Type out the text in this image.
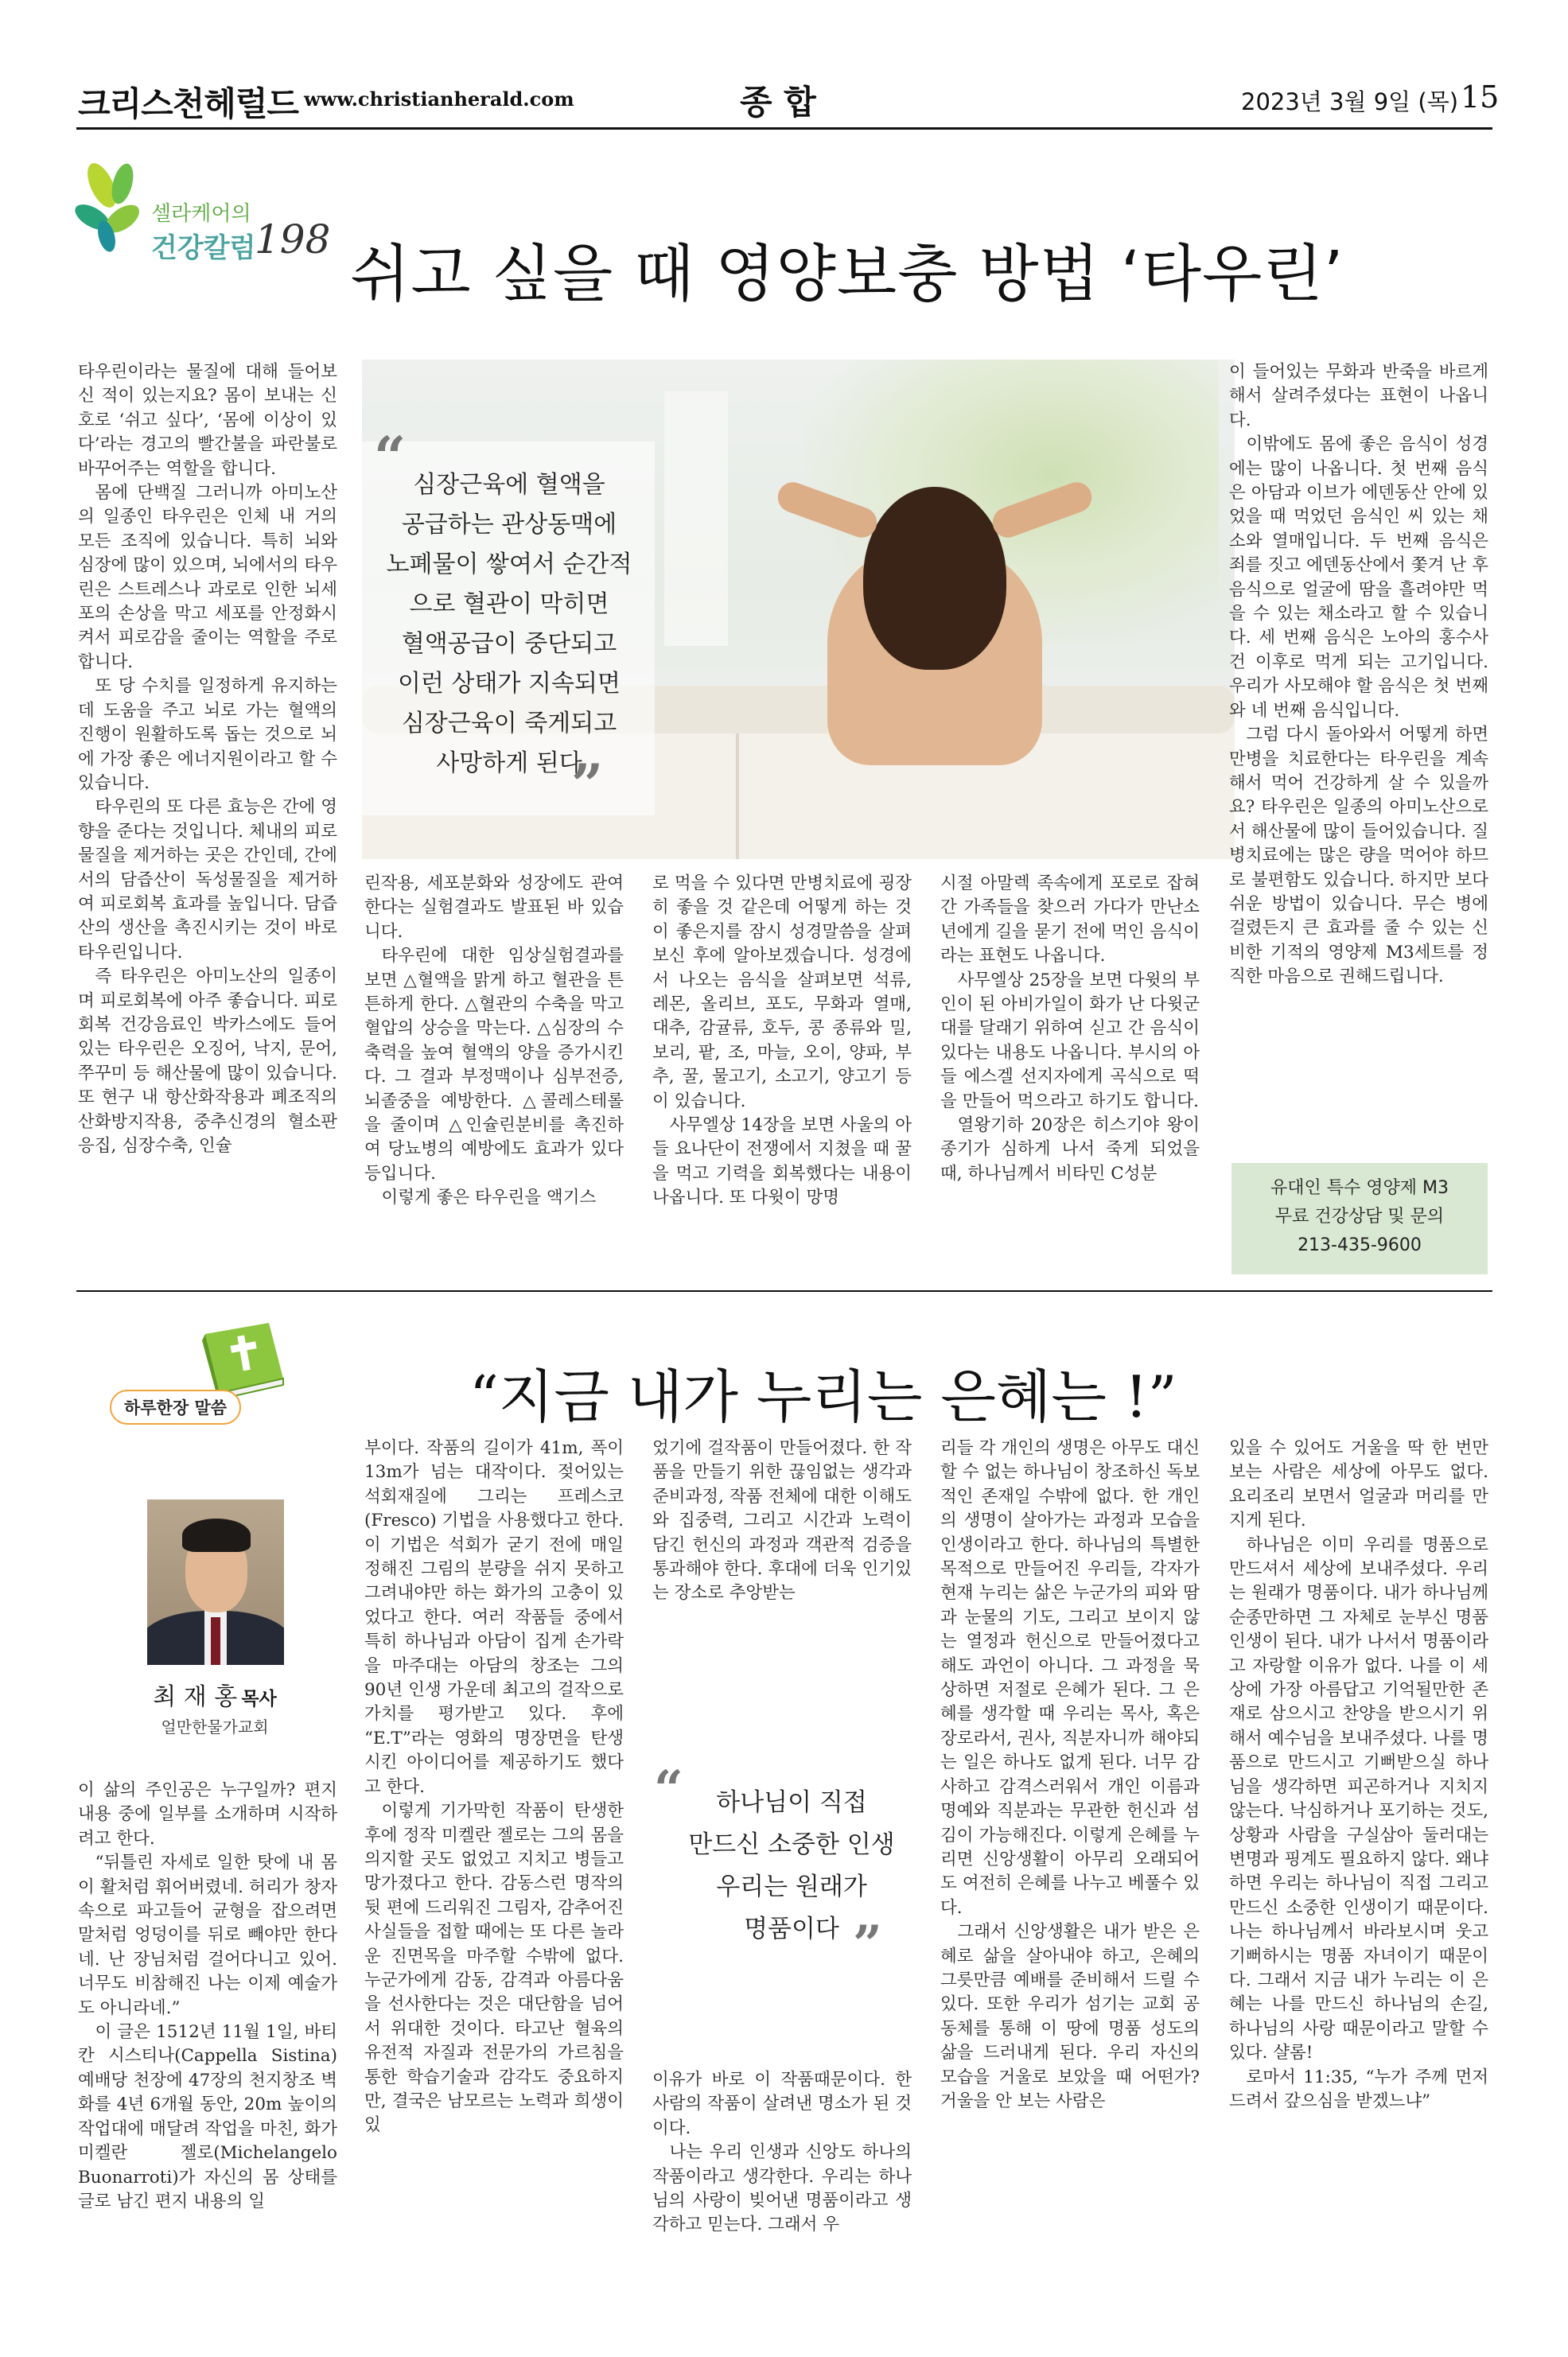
크리스천헤럴드 www.christianherald.com	종 합	2023년 3월 9일 (목) 15
셀라케어의
건강칼럼
198 쉬고 싶을 때 영양보충 방법 ‘타우린’
“
”
심장근육에 혈액을
공급하는 관상동맥에
노폐물이 쌓여서 순간적
으로 혈관이 막히면
혈액공급이 중단되고
이런 상태가 지속되면
심장근육이 죽게되고
사망하게 된다

타우린이라는 물질에 대해 들어보신 적이 있는지요? 몸이 보내는 신호로 ‘쉬고 싶다’, ‘몸에 이상이 있다’라는 경고의 빨간불을 파란불로 바꾸어주는 역할을 합니다.

몸에 단백질 그러니까 아미노산의 일종인 타우린은 인체 내 거의 모든 조직에 있습니다. 특히 뇌와 심장에 많이 있으며, 뇌에서의 타우린은 스트레스나 과로로 인한 뇌세포의 손상을 막고 세포를 안정화시켜서 피로감을 줄이는 역할을 주로 합니다.

또 당 수치를 일정하게 유지하는데 도움을 주고 뇌로 가는 혈액의 진행이 원활하도록 돕는 것으로 뇌에 가장 좋은 에너지원이라고 할 수 있습니다.

타우린의 또 다른 효능은 간에 영향을 준다는 것입니다. 체내의 피로물질을 제거하는 곳은 간인데, 간에서의 담즙산이 독성물질을 제거하여 피로회복 효과를 높입니다. 담즙산의 생산을 촉진시키는 것이 바로 타우린입니다.

즉 타우린은 아미노산의 일종이며 피로회복에 아주 좋습니다. 피로회복 건강음료인 박카스에도 들어있는 타우린은 오징어, 낙지, 문어, 쭈꾸미 등 해산물에 많이 있습니다. 또 현구 내 항산화작용과 폐조직의 산화방지작용, 중추신경의 혈소판응집, 심장수축, 인슐

린작용, 세포분화와 성장에도 관여한다는 실험결과도 발표된 바 있습니다.

타우린에 대한 임상실험결과를 보면 △혈액을 맑게 하고 혈관을 튼튼하게 한다. △혈관의 수축을 막고 혈압의 상승을 막는다. △심장의 수축력을 높여 혈액의 양을 증가시킨다. 그 결과 부정맥이나 심부전증, 뇌졸중을 예방한다. △콜레스테롤을 줄이며 △인슐린분비를 촉진하여 당뇨병의 예방에도 효과가 있다 등입니다.

이렇게 좋은 타우린을 액기스

로 먹을 수 있다면 만병치료에 굉장히 좋을 것 같은데 어떻게 하는 것이 좋은지를 잠시 성경말씀을 살펴보신 후에 알아보겠습니다. 성경에서 나오는 음식을 살펴보면 석류, 레몬, 올리브, 포도, 무화과 열매, 대추, 감귤류, 호두, 콩 종류와 밀, 보리, 팥, 조, 마늘, 오이, 양파, 부추, 꿀, 물고기, 소고기, 양고기 등이 있습니다.

사무엘상 14장을 보면 사울의 아들 요나단이 전쟁에서 지쳤을 때 꿀을 먹고 기력을 회복했다는 내용이 나옵니다. 또 다윗이 망명

시절 아말렉 족속에게 포로로 잡혀간 가족들을 찾으러 가다가 만난소년에게 길을 묻기 전에 먹인 음식이라는 표현도 나옵니다.

사무엘상 25장을 보면 다윗의 부인이 된 아비가일이 화가 난 다윗군대를 달래기 위하여 싣고 간 음식이 있다는 내용도 나옵니다. 부시의 아들 에스겔 선지자에게 곡식으로 떡을 만들어 먹으라고 하기도 합니다.

열왕기하 20장은 히스기야 왕이 종기가 심하게 나서 죽게 되었을 때, 하나님께서 비타민 C성분

이 들어있는 무화과 반죽을 바르게 해서 살려주셨다는 표현이 나옵니다.

이밖에도 몸에 좋은 음식이 성경에는 많이 나옵니다. 첫 번째 음식은 아담과 이브가 에덴동산 안에 있었을 때 먹었던 음식인 씨 있는 채소와 열매입니다. 두 번째 음식은 죄를 짓고 에덴동산에서 쫓겨 난 후 음식으로 얼굴에 땀을 흘려야만 먹을 수 있는 채소라고 할 수 있습니다. 세 번째 음식은 노아의 홍수사건 이후로 먹게 되는 고기입니다. 우리가 사모해야 할 음식은 첫 번째와 네 번째 음식입니다.

그럼 다시 돌아와서 어떻게 하면 만병을 치료한다는 타우린을 계속해서 먹어 건강하게 살 수 있을까요? 타우린은 일종의 아미노산으로서 해산물에 많이 들어있습니다. 질병치료에는 많은 량을 먹어야 하므로 불편함도 있습니다. 하지만 보다 쉬운 방법이 있습니다. 무슨 병에 걸렸든지 큰 효과를 줄 수 있는 신비한 기적의 영양제 M3세트를 정직한 마음으로 권해드립니다.

유대인 특수 영양제 M3
무료 건강상담 및 문의
213-435-9600
하루한장 말씀	“지금 내가 누리는 은혜는 !”
최 재 홍 목사
얼만한물가교회

이 삶의 주인공은 누구일까? 편지 내용 중에 일부를 소개하며 시작하려고 한다.

“뒤틀린 자세로 일한 탓에 내 몸이 활처럼 휘어버렸네. 허리가 창자 속으로 파고들어 균형을 잡으려면 말처럼 엉덩이를 뒤로 빼야만 한다네. 난 장님처럼 걸어다니고 있어. 너무도 비참해진 나는 이제 예술가도 아니라네.”

이 글은 1512년 11월 1일, 바티칸 시스티나(Cappella Sistina) 예배당 천장에 47장의 천지창조 벽화를 4년 6개월 동안, 20m 높이의 작업대에 매달려 작업을 마친, 화가 미켈란 젤로(Michelangelo Buonarroti)가 자신의 몸 상태를 글로 남긴 편지 내용의 일

부이다. 작품의 길이가 41m, 폭이 13m가 넘는 대작이다. 젖어있는 석회재질에 그리는 프레스코(Fresco) 기법을 사용했다고 한다. 이 기법은 석회가 굳기 전에 매일 정해진 그림의 분량을 쉬지 못하고 그려내야만 하는 화가의 고충이 있었다고 한다. 여러 작품들 중에서 특히 하나님과 아담이 집게 손가락을 마주대는 아담의 창조는 그의 90년 인생 가운데 최고의 걸작으로 가치를 평가받고 있다. 후에 “E.T”라는 영화의 명장면을 탄생시킨 아이디어를 제공하기도 했다고 한다.

이렇게 기가막힌 작품이 탄생한 후에 정작 미켈란 젤로는 그의 몸을 의지할 곳도 없었고 지치고 병들고 망가졌다고 한다. 감동스런 명작의 뒷 편에 드리워진 그림자, 감추어진 사실들을 접할 때에는 또 다른 놀라운 진면목을 마주할 수밖에 없다. 누군가에게 감동, 감격과 아름다움을 선사한다는 것은 대단함을 넘어서 위대한 것이다. 타고난 혈육의 유전적 자질과 전문가의 가르침을 통한 학습기술과 감각도 중요하지만, 결국은 남모르는 노력과 희생이 있

었기에 걸작품이 만들어졌다. 한 작품을 만들기 위한 끊임없는 생각과 준비과정, 작품 전체에 대한 이해도와 집중력, 그리고 시간과 노력이 담긴 헌신의 과정과 객관적 검증을 통과해야 한다. 후대에 더욱 인기있는 장소로 추앙받는

“
”
하나님이 직접
만드신 소중한 인생
우리는 원래가
명품이다

이유가 바로 이 작품때문이다. 한 사람의 작품이 살려낸 명소가 된 것이다.

나는 우리 인생과 신앙도 하나의 작품이라고 생각한다. 우리는 하나님의 사랑이 빚어낸 명품이라고 생각하고 믿는다. 그래서 우

리들 각 개인의 생명은 아무도 대신할 수 없는 하나님이 창조하신 독보적인 존재일 수밖에 없다. 한 개인의 생명이 살아가는 과정과 모습을 인생이라고 한다. 하나님의 특별한 목적으로 만들어진 우리들, 각자가 현재 누리는 삶은 누군가의 피와 땀과 눈물의 기도, 그리고 보이지 않는 열정과 헌신으로 만들어졌다고 해도 과언이 아니다. 그 과정을 묵상하면 저절로 은혜가 된다. 그 은혜를 생각할 때 우리는 목사, 혹은 장로라서, 권사, 직분자니까 해야되는 일은 하나도 없게 된다. 너무 감사하고 감격스러워서 개인 이름과 명예와 직분과는 무관한 헌신과 섬김이 가능해진다. 이렇게 은혜를 누리면 신앙생활이 아무리 오래되어도 여전히 은혜를 나누고 베풀수 있다.

그래서 신앙생활은 내가 받은 은혜로 삶을 살아내야 하고, 은혜의 그릇만큼 예배를 준비해서 드릴 수 있다. 또한 우리가 섬기는 교회 공동체를 통해 이 땅에 명품 성도의 삶을 드러내게 된다. 우리 자신의 모습을 거울로 보았을 때 어떤가? 거울을 안 보는 사람은

있을 수 있어도 거울을 딱 한 번만 보는 사람은 세상에 아무도 없다. 요리조리 보면서 얼굴과 머리를 만지게 된다.

하나님은 이미 우리를 명품으로 만드셔서 세상에 보내주셨다. 우리는 원래가 명품이다. 내가 하나님께 순종만하면 그 자체로 눈부신 명품인생이 된다. 내가 나서서 명품이라고 자랑할 이유가 없다. 나를 이 세상에 가장 아름답고 기억될만한 존재로 삼으시고 찬양을 받으시기 위해서 예수님을 보내주셨다. 나를 명품으로 만드시고 기뻐받으실 하나님을 생각하면 피곤하거나 지치지 않는다. 낙심하거나 포기하는 것도, 상황과 사람을 구실삼아 둘러대는 변명과 핑계도 필요하지 않다. 왜냐하면 우리는 하나님이 직접 그리고 만드신 소중한 인생이기 때문이다. 나는 하나님께서 바라보시며 웃고 기뻐하시는 명품 자녀이기 때문이다. 그래서 지금 내가 누리는 이 은혜는 나를 만드신 하나님의 손길, 하나님의 사랑 때문이라고 말할 수 있다. 샬롬!

로마서 11:35, “누가 주께 먼저 드려서 갚으심을 받겠느냐”
